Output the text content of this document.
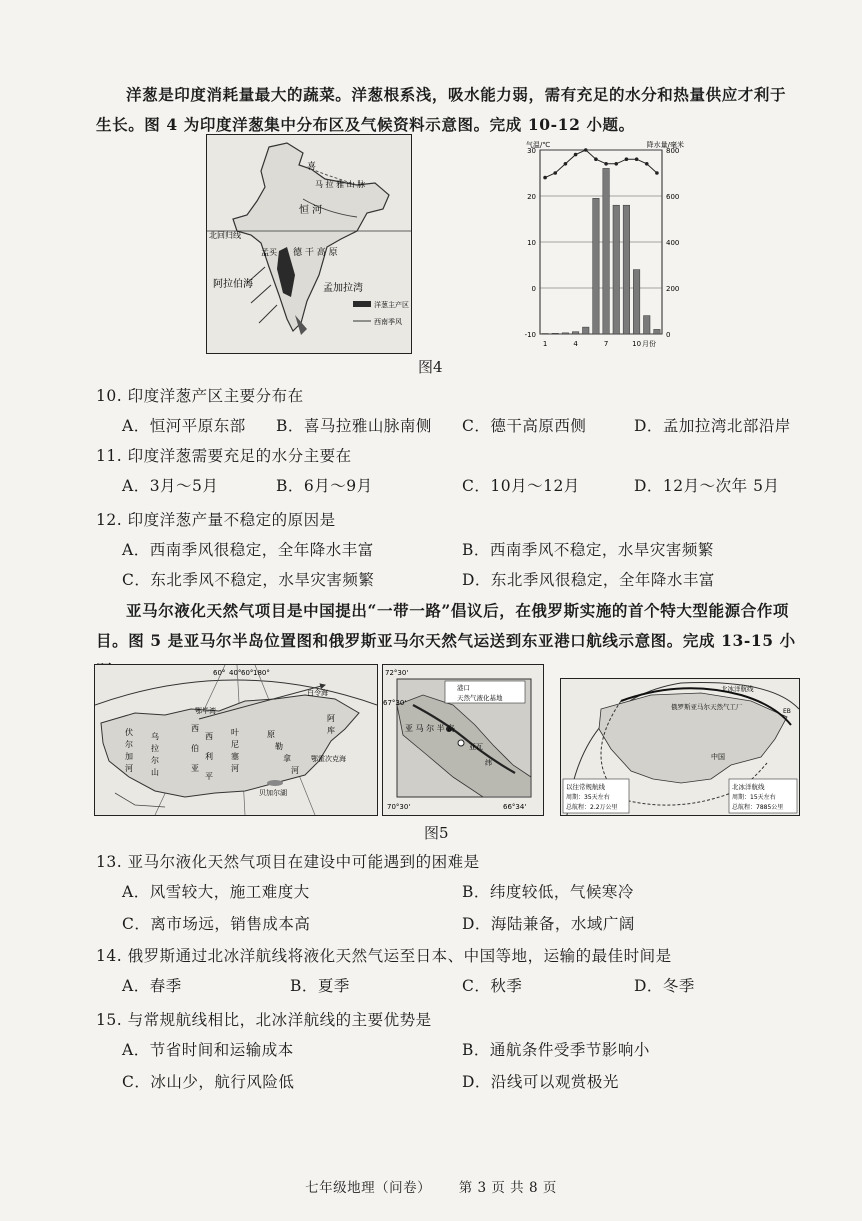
洋葱是印度消耗量最大的蔬菜。洋葱根系浅，吸水能力弱，需有充足的水分和热量供应才利于
生长。图 4 为印度洋葱集中分布区及气候资料示意图。完成 10-12 小题。
喜
马 拉 雅 山 脉
恒 河
北回归线
孟买 德 干 高 原
阿拉伯海	孟加拉湾
洋葱主产区
西南季风
30	800
20	600
10	400
0	200
-10	0
1	4	7	10 月份
气温/℃	降水量/毫米
图4
10. 印度洋葱产区主要分布在
A．恒河平原东部 B．喜马拉雅山脉南侧 C．德干高原西侧	D．孟加拉湾北部沿岸
11. 印度洋葱需要充足的水分主要在
A．3月～5月	B．6月～9月	C．10月～12月	D．12月～次年 5月
12. 印度洋葱产量不稳定的原因是
A．西南季风很稳定，全年降水丰富	B．西南季风不稳定，水旱灾害频繁
C．东北季风不稳定，水旱灾害频繁	D．东北季风很稳定，全年降水丰富
亚马尔液化天然气项目是中国提出“一带一路”倡议后，在俄罗斯实施的首个特大型能源合作项
目。图 5 是亚马尔半岛位置图和俄罗斯亚马尔天然气运送到东亚港口航线示意图。完成 13-15 小
60° 40° 60° 180°
鄂毕湾
叶
尼
塞
河
伏
尔
加
河
乌
拉
尔
山
西
西
伯
利
亚
平
原
勒
拿
河
白令海
阿
库
鄂霍次克海
贝加尔湖
72°30'
67°30'
70°30'	66°34'
港口
天然气液化基地
亚 马 尔 半 岛
亚瓦
纬
北冰洋航线
俄罗斯亚马尔天然气工厂
中国
EB
以往常规航线
周期：35天左右
总航程：2.2万公里
北冰洋航线
周期：15天左右
总航程：7885公里
图5
13. 亚马尔液化天然气项目在建设中可能遇到的困难是
A．风雪较大，施工难度大	B．纬度较低，气候寒冷
C．离市场远，销售成本高	D．海陆兼备，水域广阔
14. 俄罗斯通过北冰洋航线将液化天然气运至日本、中国等地，运输的最佳时间是
A．春季	B．夏季	C．秋季	D．冬季
15. 与常规航线相比，北冰洋航线的主要优势是
A．节省时间和运输成本	B．通航条件受季节影响小
C．冰山少，航行风险低	D．沿线可以观赏极光
七年级地理（问卷） 第 3 页 共 8 页
